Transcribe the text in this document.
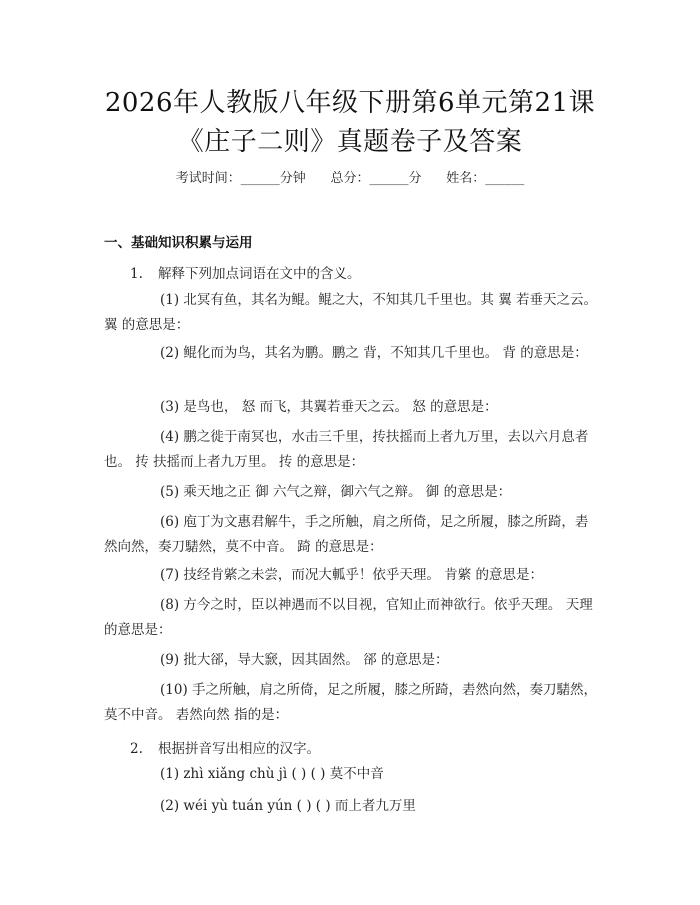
2026年人教版八年级下册第6单元第21课
《庄子二则》真题卷子及答案
考试时间：______分钟      总分：______分      姓名：______
一、基础知识积累与运用
1. 解释下列加点词语在文中的含义。
(1) 北冥有鱼，其名为鲲。鲲之大，不知其几千里也。其 翼 若垂天之云。 翼 的意思是：
(2) 鲲化而为鸟，其名为鹏。鹏之 背，不知其几千里也。 背 的意思是：
(3) 是鸟也， 怒 而飞，其翼若垂天之云。 怒 的意思是：
(4) 鹏之徙于南冥也，水击三千里，抟扶摇而上者九万里，去以六月息者也。 抟 扶摇而上者九万里。 抟 的意思是：
(5) 乘天地之正 御 六气之辩，御六气之辩。 御 的意思是：
(6) 庖丁为文惠君解牛，手之所触，肩之所倚，足之所履，膝之所踦，砉然向然，奏刀騞然，莫不中音。 踦 的意思是：
(7) 技经肯綮之未尝，而况大軱乎！依乎天理。 肯綮 的意思是：
(8) 方今之时，臣以神遇而不以目视，官知止而神欲行。依乎天理。 天理 的意思是：
(9) 批大郤，导大窾，因其固然。 郤 的意思是：
(10) 手之所触，肩之所倚，足之所履，膝之所踦，砉然向然，奏刀騞然，莫不中音。 砉然向然 指的是：
2. 根据拼音写出相应的汉字。
(1) zhì xiǎng chù jì ( ) ( ) 莫不中音
(2) wéi yù tuán yún ( ) ( ) 而上者九万里
